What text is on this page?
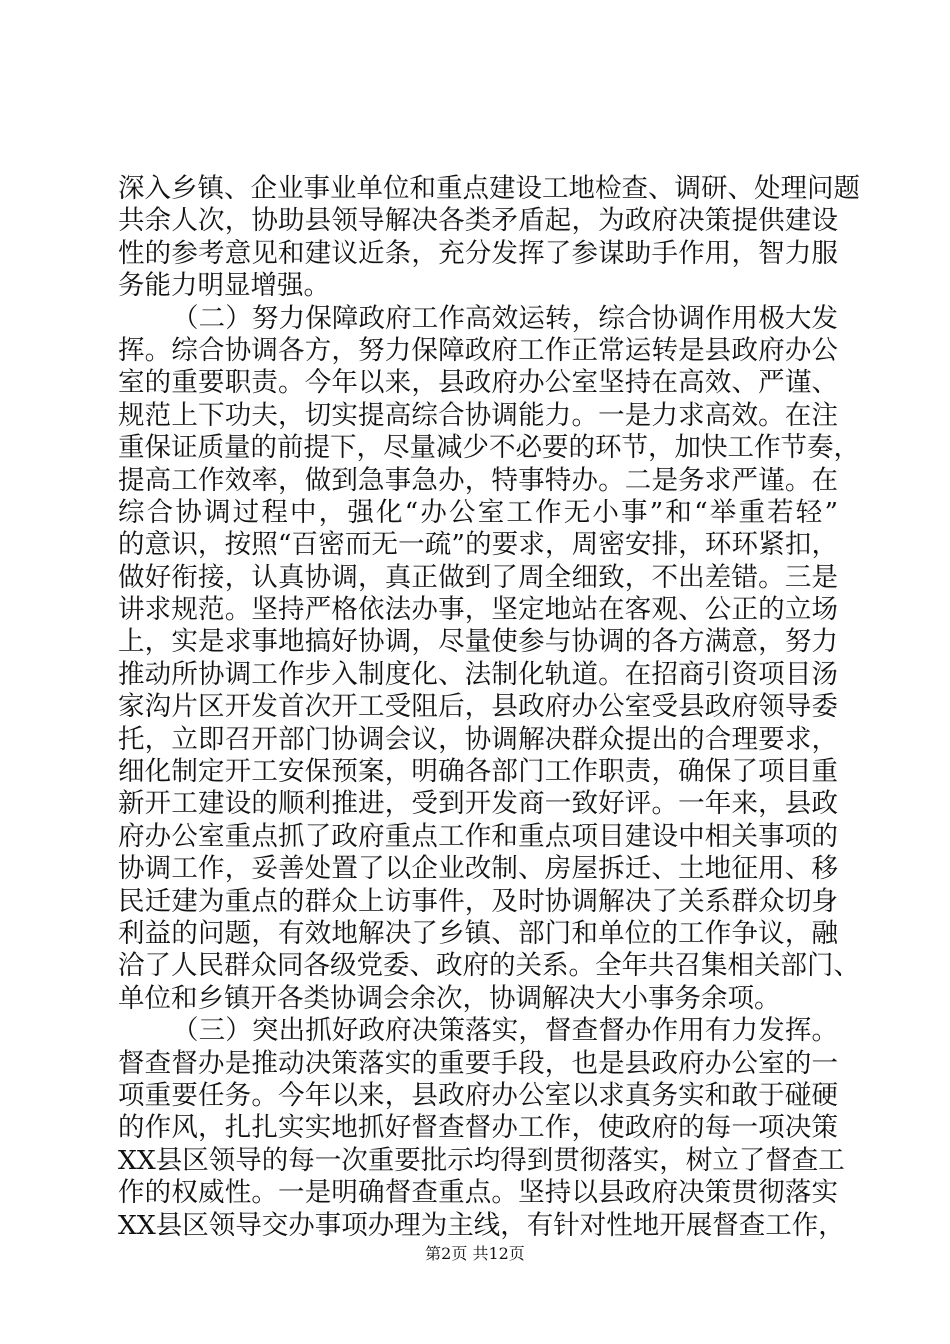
深入乡镇、企业事业单位和重点建设工地检查、调研、处理问题
共余人次，协助县领导解决各类矛盾起，为政府决策提供建设
性的参考意见和建议近条，充分发挥了参谋助手作用，智力服
务能力明显增强。
（二）努力保障政府工作高效运转，综合协调作用极大发
挥。综合协调各方，努力保障政府工作正常运转是县政府办公
室的重要职责。今年以来，县政府办公室坚持在高效、严谨、
规范上下功夫，切实提高综合协调能力。一是力求高效。在注
重保证质量的前提下，尽量减少不必要的环节，加快工作节奏，
提高工作效率，做到急事急办，特事特办。二是务求严谨。在
综合协调过程中，强化“办公室工作无小事”和“举重若轻”
的意识，按照“百密而无一疏”的要求，周密安排，环环紧扣，
做好衔接，认真协调，真正做到了周全细致，不出差错。三是
讲求规范。坚持严格依法办事，坚定地站在客观、公正的立场
上，实是求事地搞好协调，尽量使参与协调的各方满意，努力
推动所协调工作步入制度化、法制化轨道。在招商引资项目汤
家沟片区开发首次开工受阻后，县政府办公室受县政府领导委
托，立即召开部门协调会议，协调解决群众提出的合理要求，
细化制定开工安保预案，明确各部门工作职责，确保了项目重
新开工建设的顺利推进，受到开发商一致好评。一年来，县政
府办公室重点抓了政府重点工作和重点项目建设中相关事项的
协调工作，妥善处置了以企业改制、房屋拆迁、土地征用、移
民迁建为重点的群众上访事件，及时协调解决了关系群众切身
利益的问题，有效地解决了乡镇、部门和单位的工作争议，融
洽了人民群众同各级党委、政府的关系。全年共召集相关部门、
单位和乡镇开各类协调会余次，协调解决大小事务余项。
（三）突出抓好政府决策落实，督查督办作用有力发挥。
督查督办是推动决策落实的重要手段，也是县政府办公室的一
项重要任务。今年以来，县政府办公室以求真务实和敢于碰硬
的作风，扎扎实实地抓好督查督办工作，使政府的每一项决策
XX县区领导的每一次重要批示均得到贯彻落实，树立了督查工
作的权威性。一是明确督查重点。坚持以县政府决策贯彻落实
XX县区领导交办事项办理为主线，有针对性地开展督查工作，
第2页 共12页
